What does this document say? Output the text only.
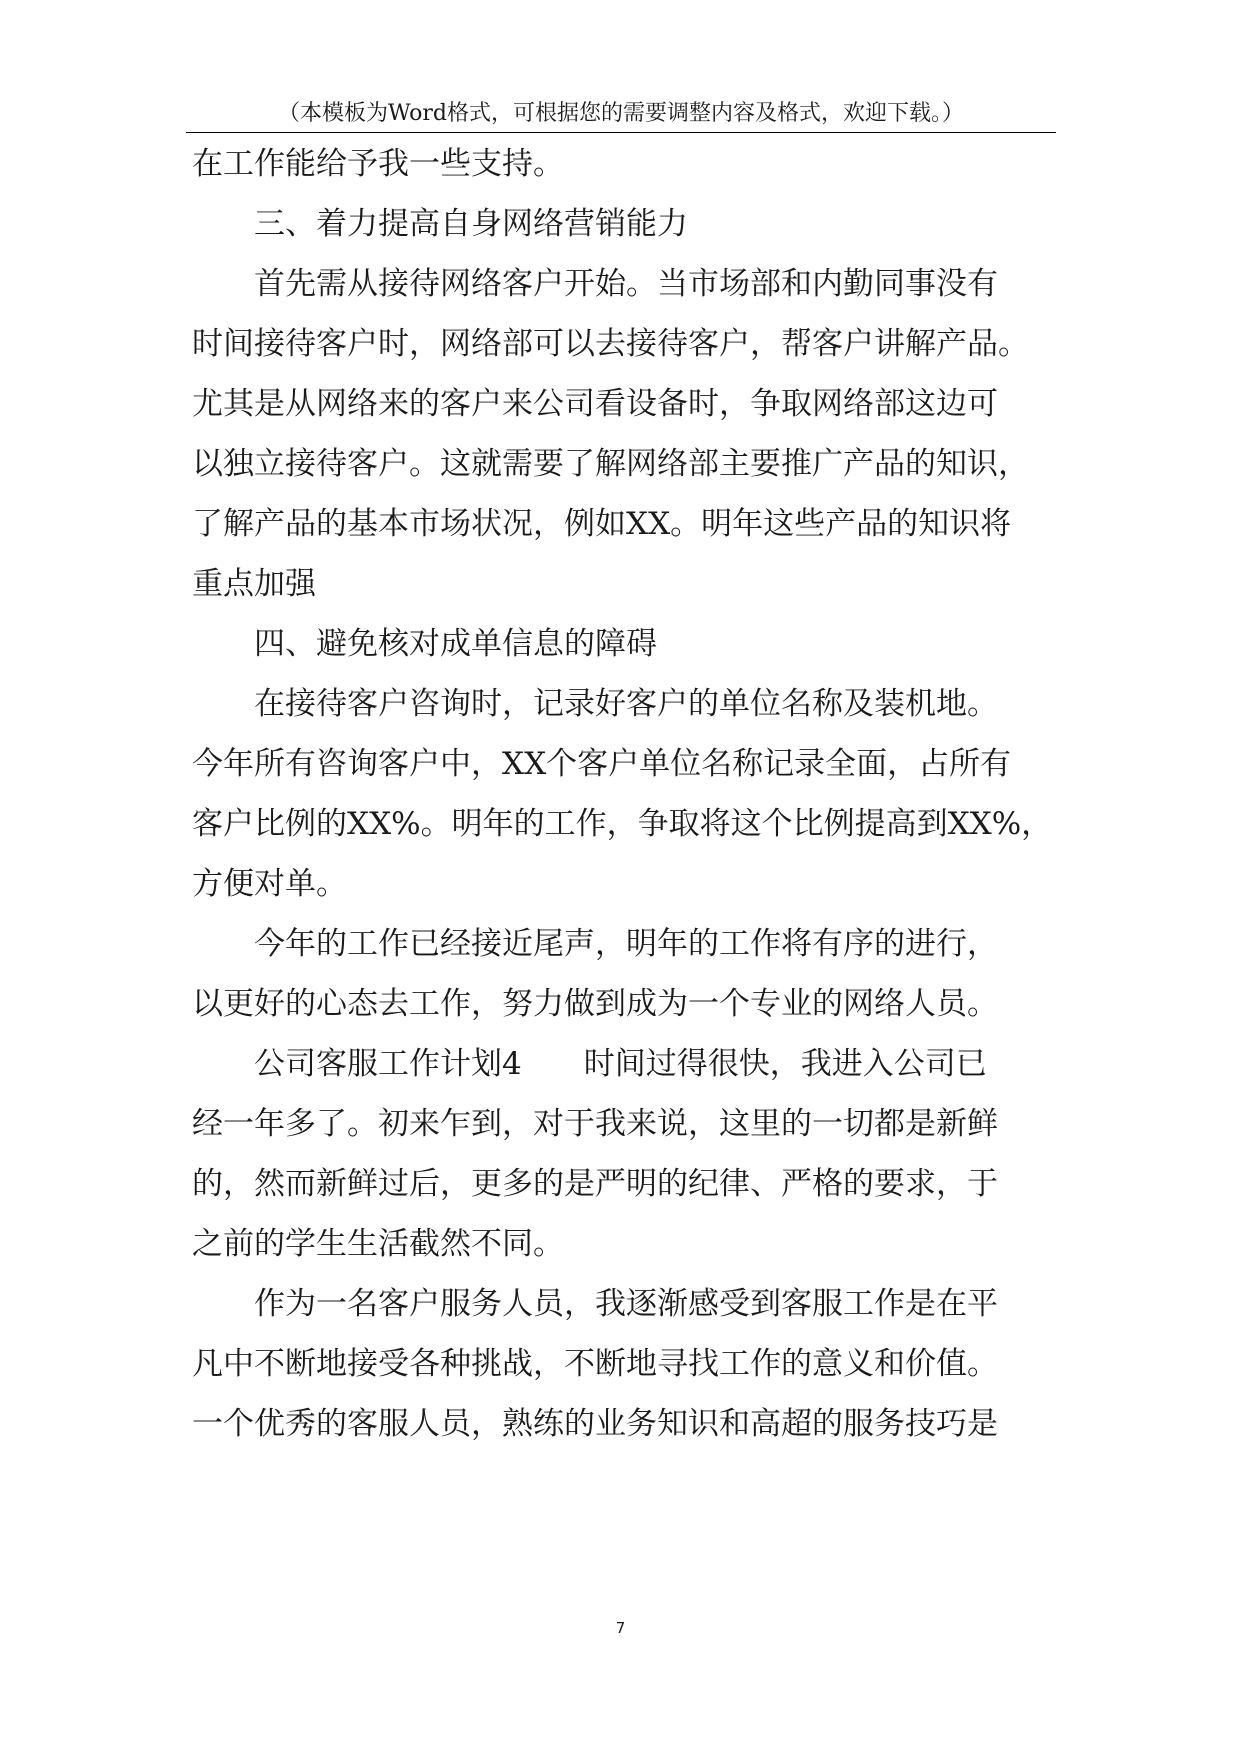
（本模板为Word格式，可根据您的需要调整内容及格式，欢迎下载。）
在工作能给予我一些支持。
三、着力提高自身网络营销能力
首先需从接待网络客户开始。当市场部和内勤同事没有
时间接待客户时，网络部可以去接待客户，帮客户讲解产品。
尤其是从网络来的客户来公司看设备时，争取网络部这边可
以独立接待客户。这就需要了解网络部主要推广产品的知识，
了解产品的基本市场状况，例如XX。明年这些产品的知识将
重点加强
四、避免核对成单信息的障碍
在接待客户咨询时，记录好客户的单位名称及装机地。
今年所有咨询客户中，XX个客户单位名称记录全面，占所有
客户比例的XX%。明年的工作，争取将这个比例提高到XX%，
方便对单。
今年的工作已经接近尾声，明年的工作将有序的进行，
以更好的心态去工作，努力做到成为一个专业的网络人员。
公司客服工作计划4　　时间过得很快，我进入公司已
经一年多了。初来乍到，对于我来说，这里的一切都是新鲜
的，然而新鲜过后，更多的是严明的纪律、严格的要求，于
之前的学生生活截然不同。
作为一名客户服务人员，我逐渐感受到客服工作是在平
凡中不断地接受各种挑战，不断地寻找工作的意义和价值。
一个优秀的客服人员，熟练的业务知识和高超的服务技巧是
7
